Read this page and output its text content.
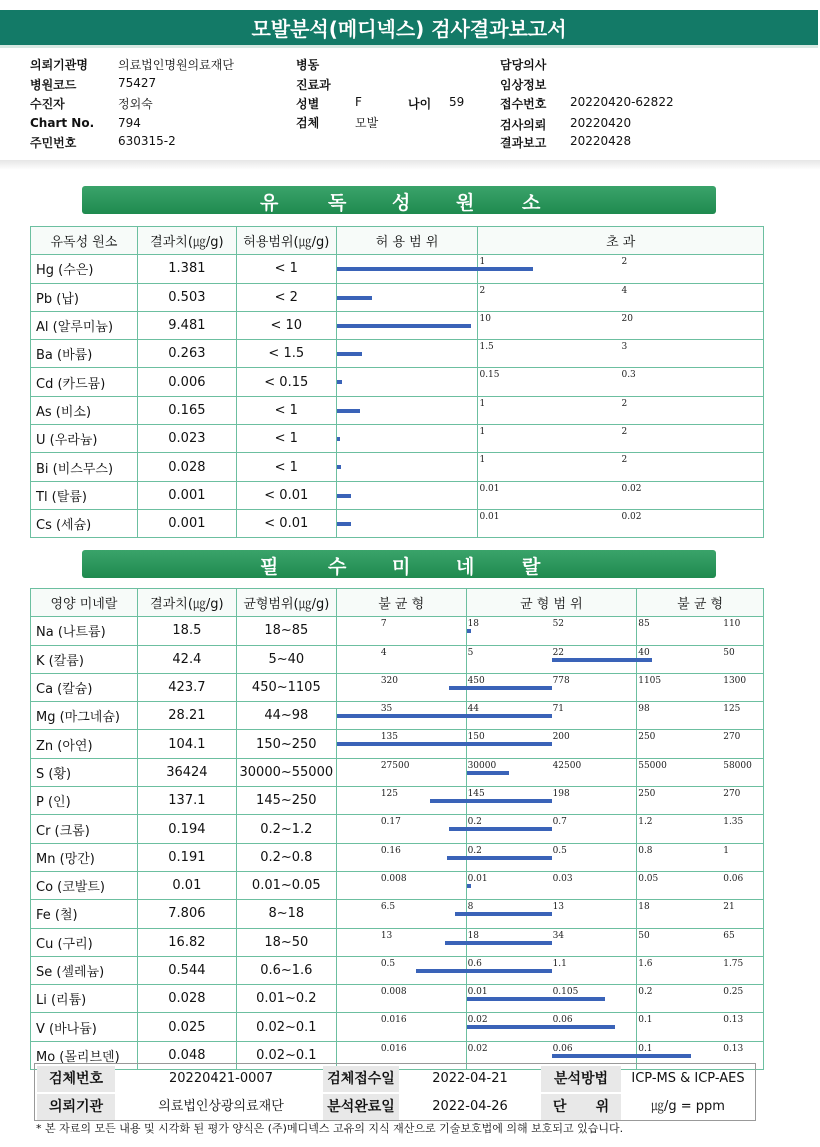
모발분석(메디넥스) 검사결과보고서
의뢰기관명	의료법인명원의료재단
병원코드	75427
수진자	정외숙
Chart No. 794
주민번호	630315-2
병동
진료과
성별	F	나이 59
검체	모발
담당의사
임상정보
접수번호 20220420-62822
검사의뢰 20220420
결과보고 20220428
유	독 성 원	소
유독성 원소	결과치(㎍/g)	허용범위(㎍/g)	허 용 범 위	초 과
Hg (수은)	1.381	< 1		1 2

Pb (납)	0.503	< 2		2 4

Al (알루미늄)	9.481	< 10		10 20

Ba (바륨)	0.263	< 1.5		1.5 3

Cd (카드뮴)	0.006	< 0.15		0.15 0.3

As (비소)	0.165	< 1		1 2

U (우라늄)	0.023	< 1		1 2

Bi (비스무스)	0.028	< 1		1 2

Tl (탈륨)	0.001	< 0.01		0.01 0.02

Cs (세슘)	0.001	< 0.01		0.01 0.02
필	수 미 네	랄
영양 미네랄	결과치(㎍/g)	균형범위(㎍/g)	불 균 형	균 형 범 위	불 균 형
Na (나트륨)	18.5	18~85	7	18 52	85 110

K (칼륨)	42.4	5~40	4	5 22	40 50

Ca (칼슘)	423.7	450~1105	320	450 778	1105 1300

Mg (마그네슘)	28.21	44~98	35	44 71	98 125

Zn (아연)	104.1	150~250	135	150 200	250 270

S (황)	36424	30000~55000	27500	30000 42500	55000 58000

P (인)	137.1	145~250	125	145 198	250 270

Cr (크롬)	0.194	0.2~1.2	0.17	0.2 0.7	1.2 1.35

Mn (망간)	0.191	0.2~0.8	0.16	0.2 0.5	0.8 1

Co (코발트)	0.01	0.01~0.05	0.008	0.01 0.03	0.05 0.06

Fe (철)	7.806	8~18	6.5	8 13	18 21

Cu (구리)	16.82	18~50	13	18 34	50 65

Se (셀레늄)	0.544	0.6~1.6	0.5	0.6 1.1	1.6 1.75

Li (리튬)	0.028	0.01~0.2	0.008	0.01 0.105	0.2 0.25

V (바나듐)	0.025	0.02~0.1	0.016	0.02 0.06	0.1 0.13

Mo (몰리브덴)	0.048	0.02~0.1	0.016	0.02 0.06	0.1 0.13
검체번호	20220421-0007	검체접수일	2022-04-21	분석방법	ICP-MS & ICP-AES
의뢰기관	의료법인상광의료재단	분석완료일	2022-04-26	단      위	㎍/g = ppm
* 본 자료의 모든 내용 및 시각화 된 평가 양식은 (주)메디넥스 고유의 지식 재산으로 기술보호법에 의해 보호되고 있습니다.
